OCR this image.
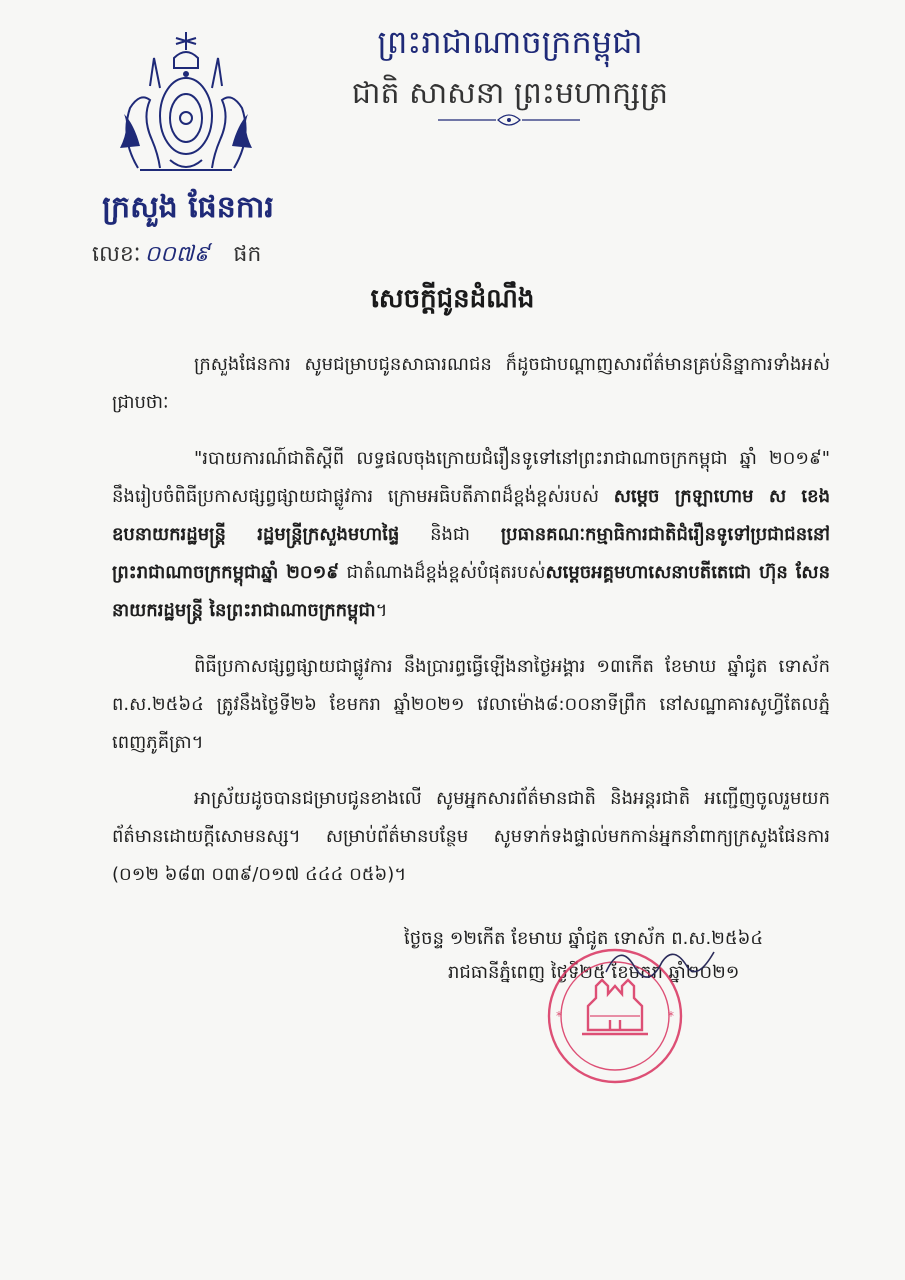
ក្រសួង ផែនការ
លេខៈ ០០៧៩ ផក
ព្រះរាជាណាចក្រកម្ពុជា
ជាតិ សាសនា ព្រះមហាក្សត្រ
សេចក្ដីជូនដំណឹង

ក្រសួងផែនការ សូមជម្រាបជូនសាធារណជន ក៏ដូចជាបណ្ដាញសារព័ត៌មានគ្រប់និន្នាការទាំងអស់ជ្រាបថាៈ

"របាយការណ៍ជាតិស្ដីពី លទ្ធផលចុងក្រោយជំរឿនទូទៅនៅព្រះរាជាណាចក្រកម្ពុជា ឆ្នាំ ២០១៩" នឹងរៀបចំពិធីប្រកាសផ្សព្វផ្សាយជាផ្លូវការ ក្រោមអធិបតីភាពដ៏ខ្ពង់ខ្ពស់របស់ សម្ដេច ក្រឡាហោម ស ខេង ឧបនាយករដ្ឋមន្ត្រី រដ្ឋមន្ត្រីក្រសួងមហាផ្ទៃ និងជា ប្រធានគណៈកម្មាធិការជាតិជំរឿនទូទៅប្រជាជននៅព្រះរាជាណាចក្រកម្ពុជាឆ្នាំ ២០១៩ ជាតំណាងដ៏ខ្ពង់ខ្ពស់បំផុតរបស់សម្ដេចអគ្គមហាសេនាបតីតេជោ ហ៊ុន សែន នាយករដ្ឋមន្ត្រី នៃព្រះរាជាណាចក្រកម្ពុជា។

ពិធីប្រកាសផ្សព្វផ្សាយជាផ្លូវការ នឹងប្រារព្ធធ្វើឡើងនាថ្ងៃអង្គារ ១៣កើត ខែមាឃ ឆ្នាំជូត ទោស័ក ព.ស.២៥៦៤ ត្រូវនឹងថ្ងៃទី២៦ ខែមករា ឆ្នាំ២០២១ វេលាម៉ោង៨:០០នាទីព្រឹក នៅសណ្ឋាគារសូហ្វីតែលភ្នំពេញភូគីត្រា។

អាស្រ័យដូចបានជម្រាបជូនខាងលើ សូមអ្នកសារព័ត៌មានជាតិ និងអន្តរជាតិ អញ្ជើញចូលរួមយកព័ត៌មានដោយក្ដីសោមនស្ស។ សម្រាប់ព័ត៌មានបន្ថែម សូមទាក់ទងផ្ទាល់មកកាន់អ្នកនាំពាក្យក្រសួងផែនការ (០១២ ៦៨៣ ០៣៩/០១៧ ៤៤៤ ០៥៦)។

ថ្ងៃចន្ទ ១២កើត ខែមាឃ ឆ្នាំជូត ទោស័ក ព.ស.២៥៦៤
រាជធានីភ្នំពេញ ថ្ងៃទី២៥ ខែមករា ឆ្នាំ២០២១
*	*
